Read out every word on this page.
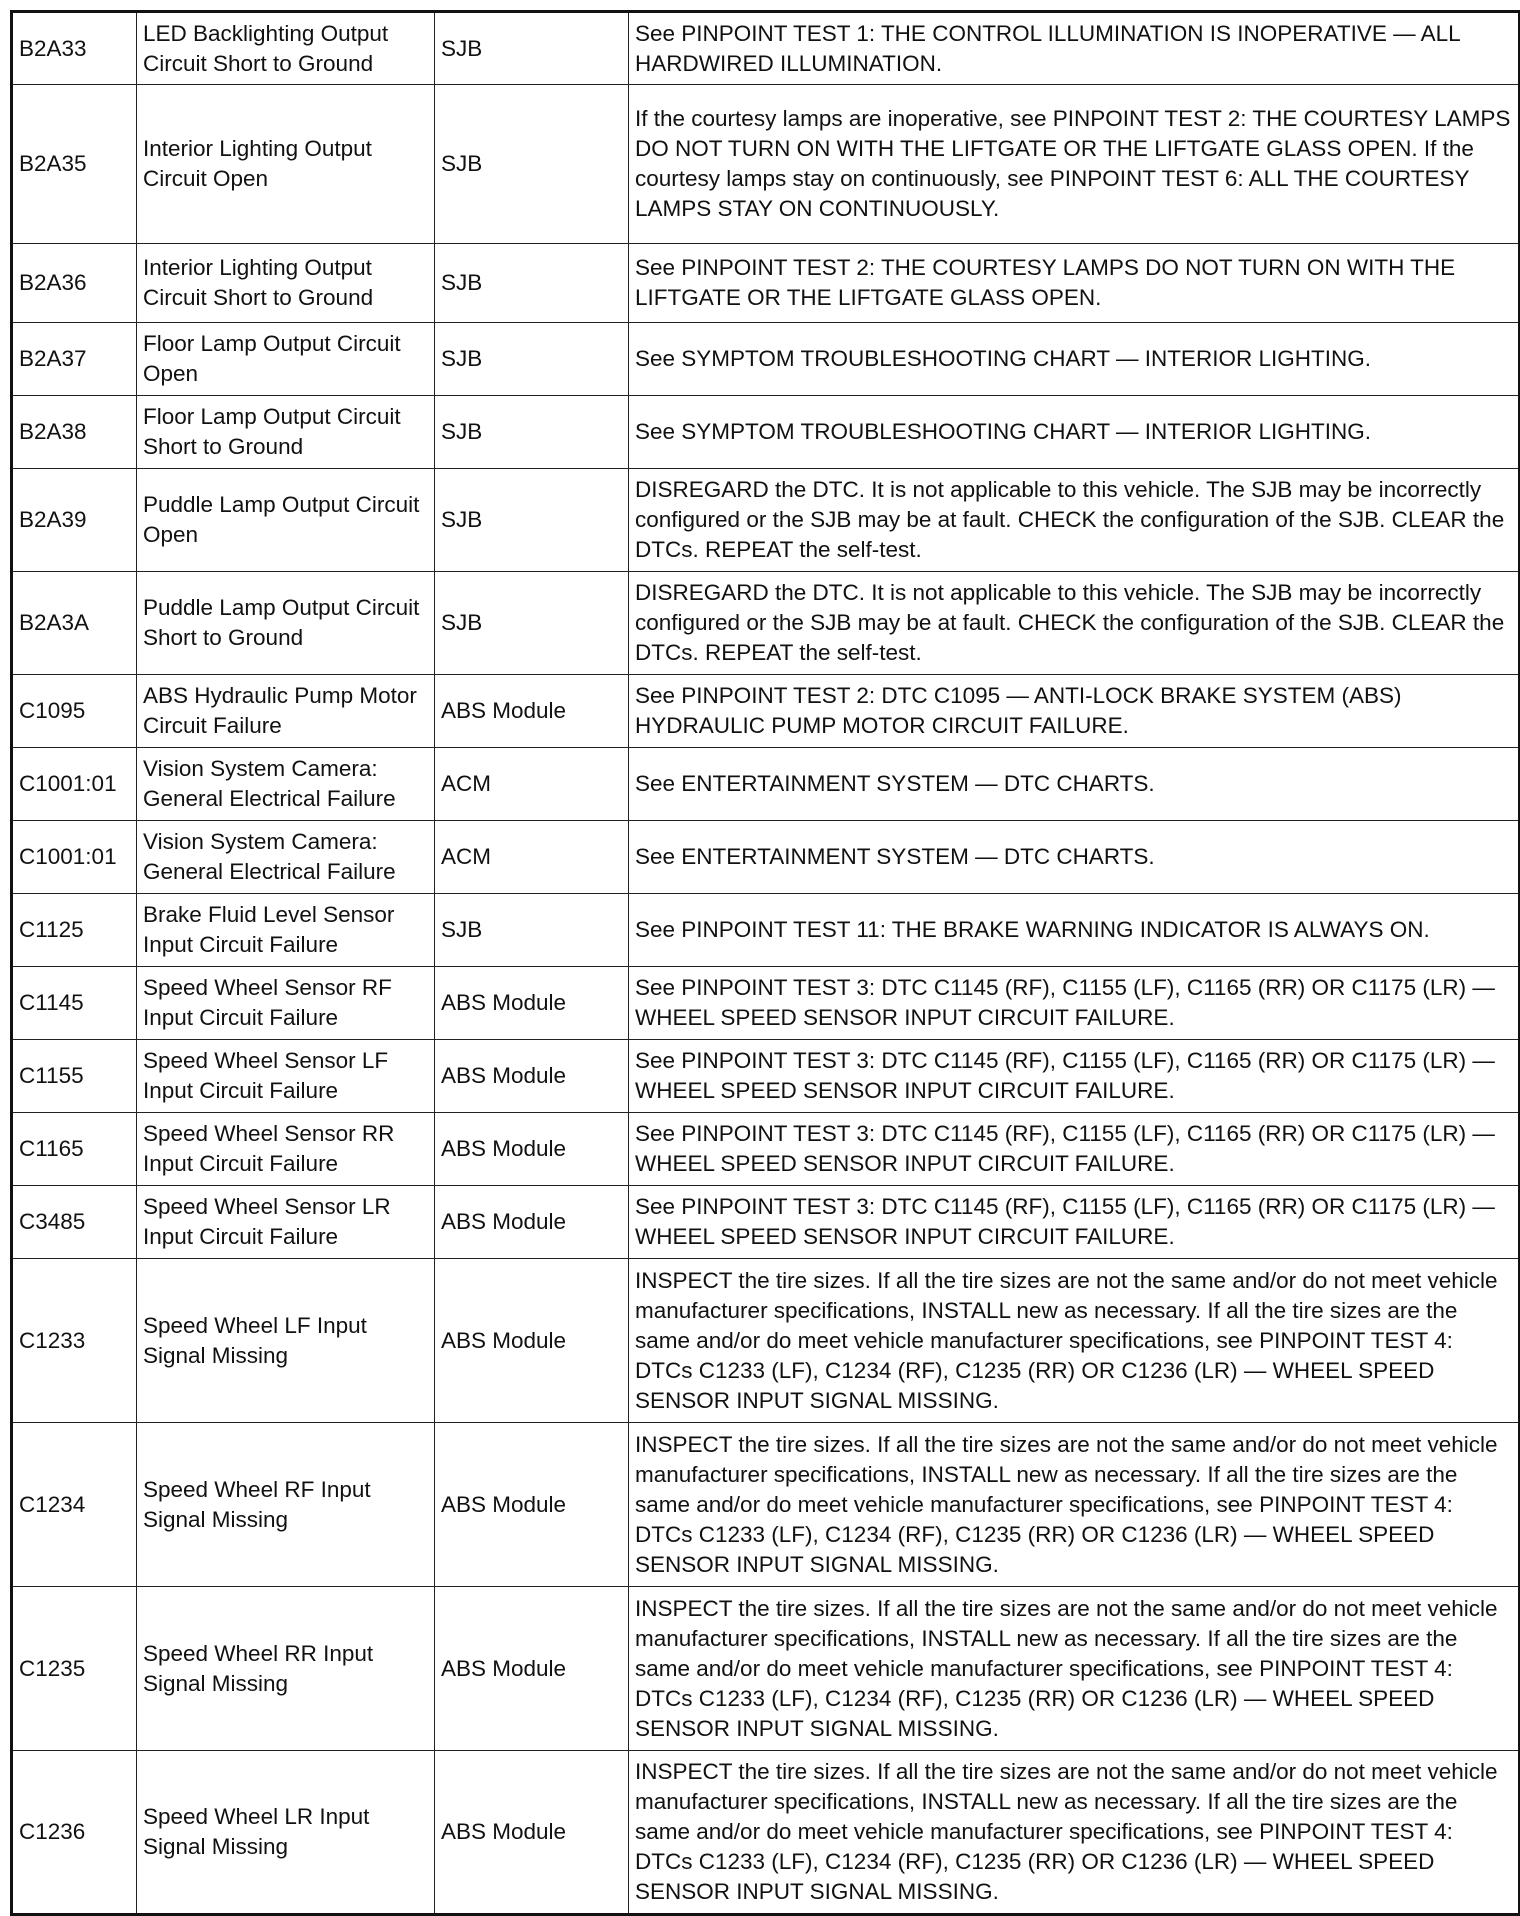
B2A33	LED Backlighting Output Circuit Short to Ground	SJB	See PINPOINT TEST 1: THE CONTROL ILLUMINATION IS INOPERATIVE — ALL HARDWIRED ILLUMINATION.
B2A35	Interior Lighting Output Circuit Open	SJB	If the courtesy lamps are inoperative, see PINPOINT TEST 2: THE COURTESY LAMPS DO NOT TURN ON WITH THE LIFTGATE OR THE LIFTGATE GLASS OPEN. If the courtesy lamps stay on continuously, see PINPOINT TEST 6: ALL THE COURTESY LAMPS STAY ON CONTINUOUSLY.
B2A36	Interior Lighting Output Circuit Short to Ground	SJB	See PINPOINT TEST 2: THE COURTESY LAMPS DO NOT TURN ON WITH THE LIFTGATE OR THE LIFTGATE GLASS OPEN.
B2A37	Floor Lamp Output Circuit Open	SJB	See SYMPTOM TROUBLESHOOTING CHART — INTERIOR LIGHTING.
B2A38	Floor Lamp Output Circuit Short to Ground	SJB	See SYMPTOM TROUBLESHOOTING CHART — INTERIOR LIGHTING.
B2A39	Puddle Lamp Output Circuit Open	SJB	DISREGARD the DTC. It is not applicable to this vehicle. The SJB may be incorrectly configured or the SJB may be at fault. CHECK the configuration of the SJB. CLEAR the DTCs. REPEAT the self-test.
B2A3A	Puddle Lamp Output Circuit Short to Ground	SJB	DISREGARD the DTC. It is not applicable to this vehicle. The SJB may be incorrectly configured or the SJB may be at fault. CHECK the configuration of the SJB. CLEAR the DTCs. REPEAT the self-test.
C1095	ABS Hydraulic Pump Motor Circuit Failure	ABS Module	See PINPOINT TEST 2: DTC C1095 — ANTI-LOCK BRAKE SYSTEM (ABS) HYDRAULIC PUMP MOTOR CIRCUIT FAILURE.
C1001:01	Vision System Camera: General Electrical Failure	ACM	See ENTERTAINMENT SYSTEM — DTC CHARTS.
C1001:01	Vision System Camera: General Electrical Failure	ACM	See ENTERTAINMENT SYSTEM — DTC CHARTS.
C1125	Brake Fluid Level Sensor Input Circuit Failure	SJB	See PINPOINT TEST 11: THE BRAKE WARNING INDICATOR IS ALWAYS ON.
C1145	Speed Wheel Sensor RF Input Circuit Failure	ABS Module	See PINPOINT TEST 3: DTC C1145 (RF), C1155 (LF), C1165 (RR) OR C1175 (LR) — WHEEL SPEED SENSOR INPUT CIRCUIT FAILURE.
C1155	Speed Wheel Sensor LF Input Circuit Failure	ABS Module	See PINPOINT TEST 3: DTC C1145 (RF), C1155 (LF), C1165 (RR) OR C1175 (LR) — WHEEL SPEED SENSOR INPUT CIRCUIT FAILURE.
C1165	Speed Wheel Sensor RR Input Circuit Failure	ABS Module	See PINPOINT TEST 3: DTC C1145 (RF), C1155 (LF), C1165 (RR) OR C1175 (LR) — WHEEL SPEED SENSOR INPUT CIRCUIT FAILURE.
C3485	Speed Wheel Sensor LR Input Circuit Failure	ABS Module	See PINPOINT TEST 3: DTC C1145 (RF), C1155 (LF), C1165 (RR) OR C1175 (LR) — WHEEL SPEED SENSOR INPUT CIRCUIT FAILURE.
C1233	Speed Wheel LF Input Signal Missing	ABS Module	INSPECT the tire sizes. If all the tire sizes are not the same and/or do not meet vehicle manufacturer specifications, INSTALL new as necessary. If all the tire sizes are the same and/or do meet vehicle manufacturer specifications, see PINPOINT TEST 4: DTCs C1233 (LF), C1234 (RF), C1235 (RR) OR C1236 (LR) — WHEEL SPEED SENSOR INPUT SIGNAL MISSING.
C1234	Speed Wheel RF Input Signal Missing	ABS Module	INSPECT the tire sizes. If all the tire sizes are not the same and/or do not meet vehicle manufacturer specifications, INSTALL new as necessary. If all the tire sizes are the same and/or do meet vehicle manufacturer specifications, see PINPOINT TEST 4: DTCs C1233 (LF), C1234 (RF), C1235 (RR) OR C1236 (LR) — WHEEL SPEED SENSOR INPUT SIGNAL MISSING.
C1235	Speed Wheel RR Input Signal Missing	ABS Module	INSPECT the tire sizes. If all the tire sizes are not the same and/or do not meet vehicle manufacturer specifications, INSTALL new as necessary. If all the tire sizes are the same and/or do meet vehicle manufacturer specifications, see PINPOINT TEST 4: DTCs C1233 (LF), C1234 (RF), C1235 (RR) OR C1236 (LR) — WHEEL SPEED SENSOR INPUT SIGNAL MISSING.
C1236	Speed Wheel LR Input Signal Missing	ABS Module	INSPECT the tire sizes. If all the tire sizes are not the same and/or do not meet vehicle manufacturer specifications, INSTALL new as necessary. If all the tire sizes are the same and/or do meet vehicle manufacturer specifications, see PINPOINT TEST 4: DTCs C1233 (LF), C1234 (RF), C1235 (RR) OR C1236 (LR) — WHEEL SPEED SENSOR INPUT SIGNAL MISSING.
